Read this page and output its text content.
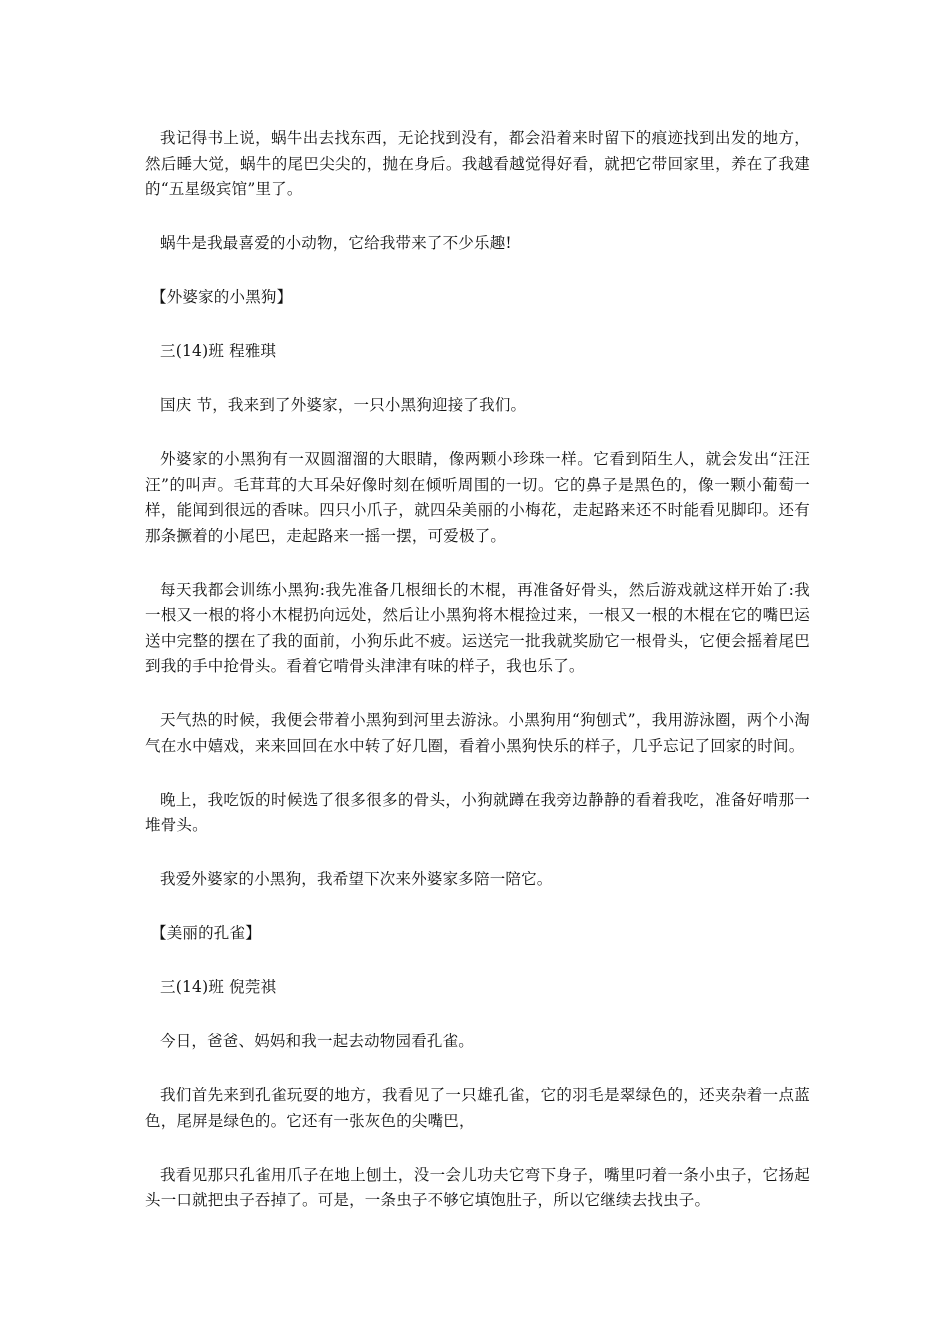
我记得书上说，蜗牛出去找东西，无论找到没有，都会沿着来时留下的痕迹找到出发的地方，然后睡大觉，蜗牛的尾巴尖尖的，抛在身后。我越看越觉得好看，就把它带回家里，养在了我建的“五星级宾馆”里了。

蜗牛是我最喜爱的小动物，它给我带来了不少乐趣!

【外婆家的小黑狗】

三(14)班 程雅琪

国庆 节，我来到了外婆家，一只小黑狗迎接了我们。

外婆家的小黑狗有一双圆溜溜的大眼睛，像两颗小珍珠一样。它看到陌生人，就会发出“汪汪汪”的叫声。毛茸茸的大耳朵好像时刻在倾听周围的一切。它的鼻子是黑色的，像一颗小葡萄一样，能闻到很远的香味。四只小爪子，就四朵美丽的小梅花，走起路来还不时能看见脚印。还有那条撅着的小尾巴，走起路来一摇一摆，可爱极了。

每天我都会训练小黑狗:我先准备几根细长的木棍，再准备好骨头，然后游戏就这样开始了:我一根又一根的将小木棍扔向远处，然后让小黑狗将木棍捡过来，一根又一根的木棍在它的嘴巴运送中完整的摆在了我的面前，小狗乐此不疲。运送完一批我就奖励它一根骨头，它便会摇着尾巴到我的手中抢骨头。看着它啃骨头津津有味的样子，我也乐了。

天气热的时候，我便会带着小黑狗到河里去游泳。小黑狗用“狗刨式”，我用游泳圈，两个小淘气在水中嬉戏，来来回回在水中转了好几圈，看着小黑狗快乐的样子，几乎忘记了回家的时间。

晚上，我吃饭的时候选了很多很多的骨头，小狗就蹲在我旁边静静的看着我吃，准备好啃那一堆骨头。

我爱外婆家的小黑狗，我希望下次来外婆家多陪一陪它。

【美丽的孔雀】

三(14)班 倪莞祺

今日，爸爸、妈妈和我一起去动物园看孔雀。

我们首先来到孔雀玩耍的地方，我看见了一只雄孔雀，它的羽毛是翠绿色的，还夹杂着一点蓝色，尾屏是绿色的。它还有一张灰色的尖嘴巴，

我看见那只孔雀用爪子在地上刨土，没一会儿功夫它弯下身子，嘴里叼着一条小虫子，它扬起头一口就把虫子吞掉了。可是，一条虫子不够它填饱肚子，所以它继续去找虫子。
